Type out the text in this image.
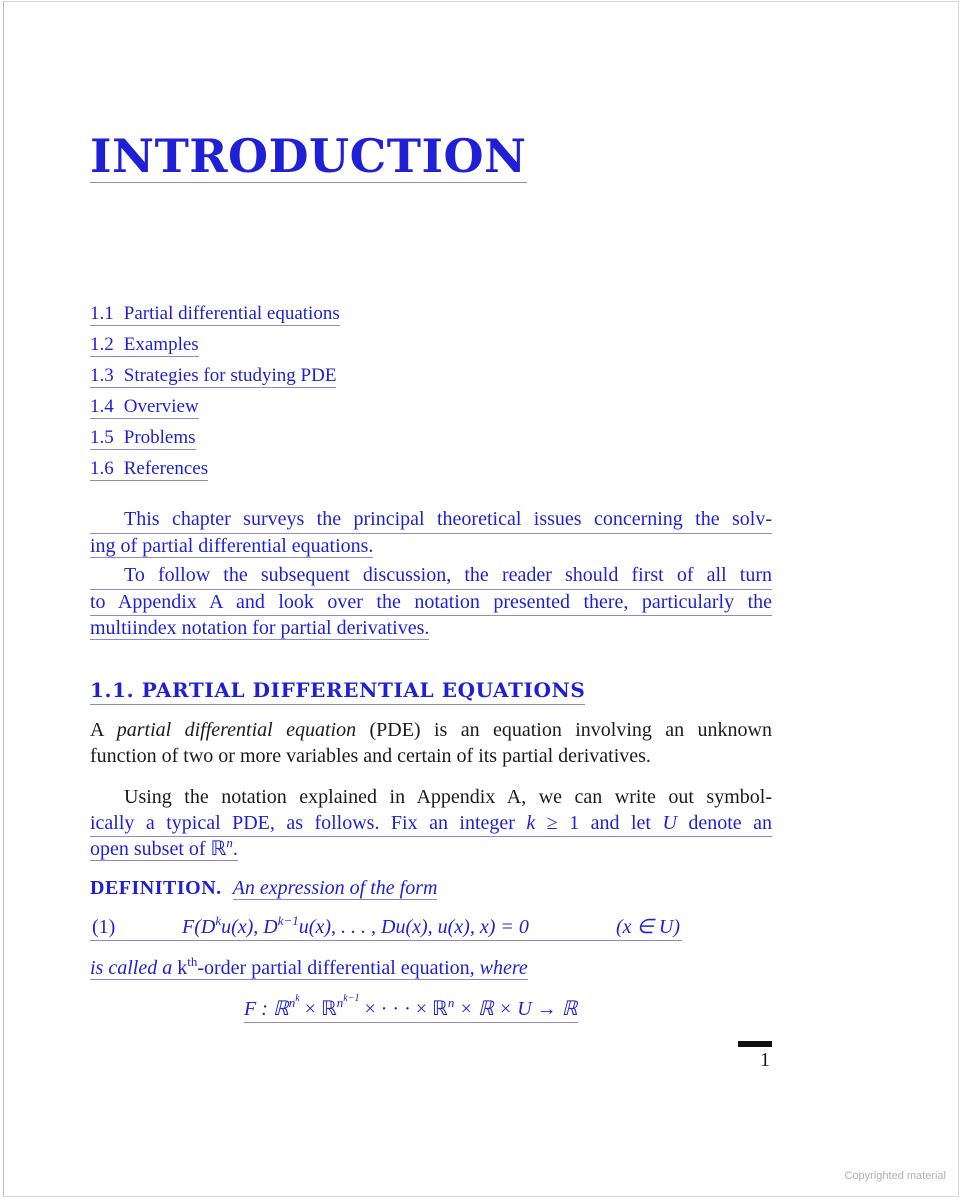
INTRODUCTION
1.1 Partial differential equations
1.2 Examples
1.3 Strategies for studying PDE
1.4 Overview
1.5 Problems
1.6 References
This chapter surveys the principal theoretical issues concerning the solv-
ing of partial differential equations.
To follow the subsequent discussion, the reader should first of all turn
to Appendix A and look over the notation presented there, particularly the
multiindex notation for partial derivatives.
1.1. PARTIAL DIFFERENTIAL EQUATIONS
A partial differential equation (PDE) is an equation involving an unknown
function of two or more variables and certain of its partial derivatives.
Using the notation explained in Appendix A, we can write out symbol-
ically a typical PDE, as follows. Fix an integer k ≥ 1 and let U denote an
open subset of ℝ$^n$.
DEFINITION. An expression of the form
(1)	$F(D^ku(x)$, $D^{k-1}u(x)$, . . . , Du(x), u(x), x) = 0	(x ∈ U)
is called a $k^{th}$-order partial differential equation, where
F : ℝ$^{n^k}$ × ℝ$^{n^{k-1}}$ × · · · × ℝ$^n$ × ℝ × U → ℝ
1
Copyrighted material
